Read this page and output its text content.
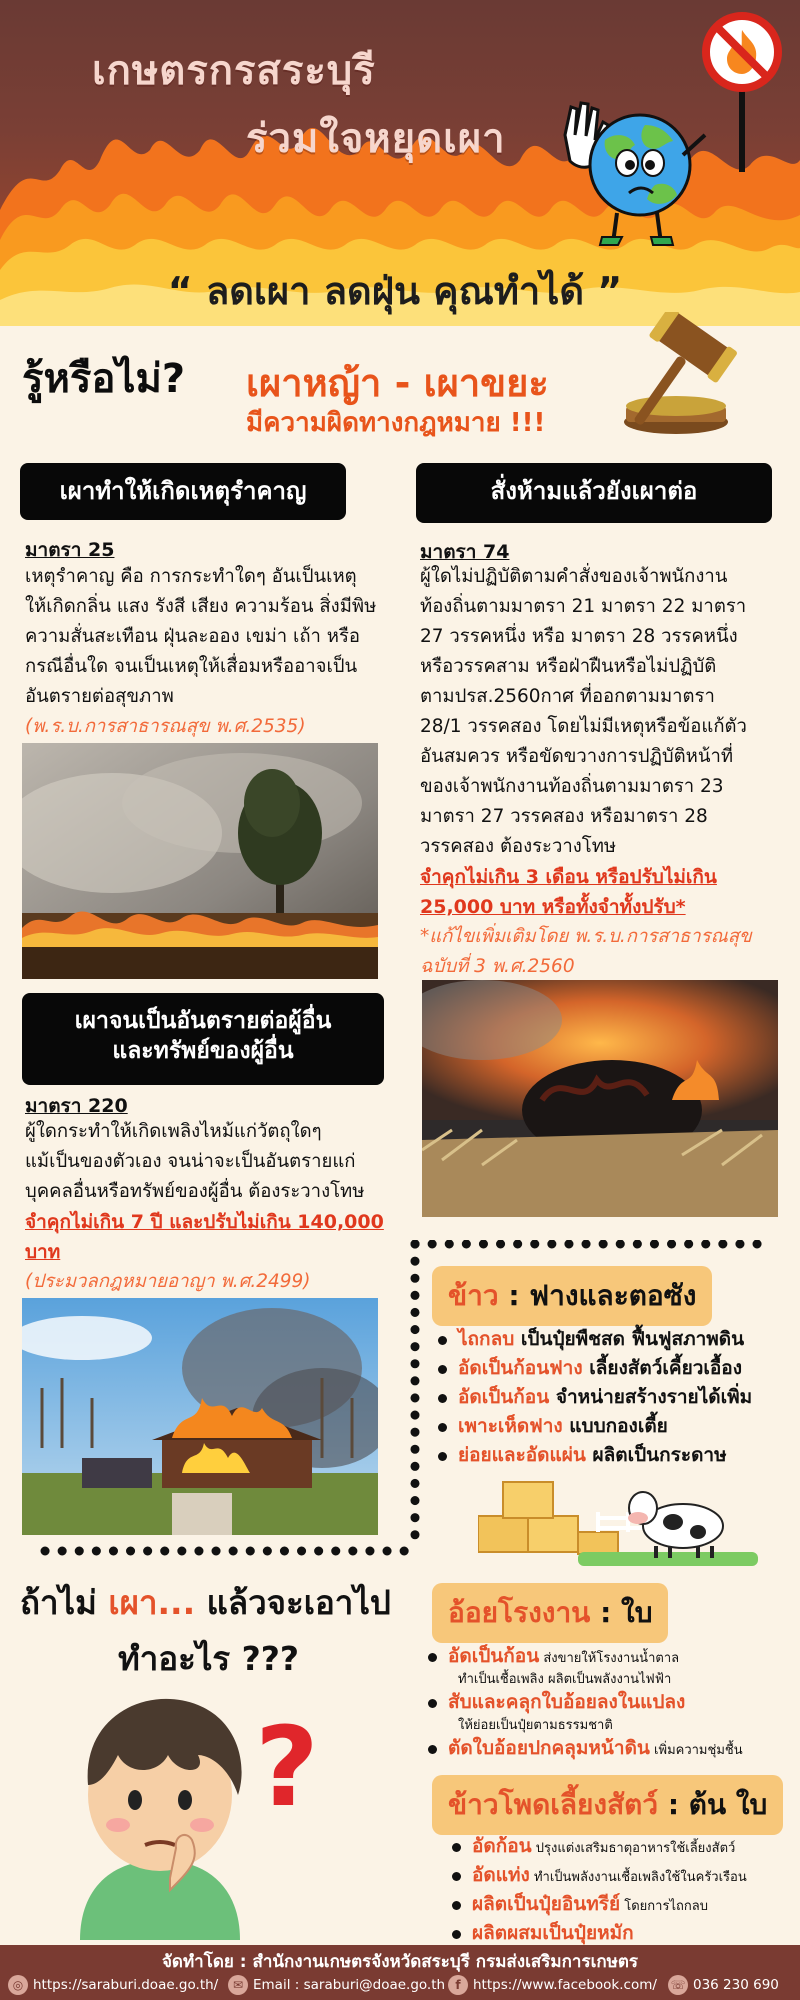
เกษตรกรสระบุรี
ร่วมใจหยุดเผา
“ ลดเผา ลดฝุ่น คุณทำได้ ”
รู้หรือไม่? เผาหญ้า - เผาขยะ
มีความผิดทางกฎหมาย !!!
เผาทำให้เกิดเหตุรำคาญ
มาตรา 25
เหตุรำคาญ คือ การกระทำใดๆ อันเป็นเหตุ
ให้เกิดกลิ่น แสง รังสี เสียง ความร้อน สิ่งมีพิษ
ความสั่นสะเทือน ฝุ่นละออง เขม่า เถ้า หรือ
กรณีอื่นใด จนเป็นเหตุให้เสื่อมหรืออาจเป็น
อันตรายต่อสุขภาพ
(พ.ร.บ.การสาธารณสุข พ.ศ.2535)
เผาจนเป็นอันตรายต่อผู้อื่น
และทรัพย์ของผู้อื่น
มาตรา 220
ผู้ใดกระทำให้เกิดเพลิงไหม้แก่วัตถุใดๆ
แม้เป็นของตัวเอง จนน่าจะเป็นอันตรายแก่
บุคคลอื่นหรือทรัพย์ของผู้อื่น ต้องระวางโทษ
จำคุกไม่เกิน 7 ปี และปรับไม่เกิน 140,000
บาท
(ประมวลกฎหมายอาญา พ.ศ.2499)
สั่งห้ามแล้วยังเผาต่อ
มาตรา 74
ผู้ใดไม่ปฏิบัติตามคำสั่งของเจ้าพนักงาน
ท้องถิ่นตามมาตรา 21 มาตรา 22 มาตรา
27 วรรคหนึ่ง หรือ มาตรา 28 วรรคหนึ่ง
หรือวรรคสาม หรือฝ่าฝืนหรือไม่ปฏิบัติ
ตามปรส.2560กาศ ที่ออกตามมาตรา
28/1 วรรคสอง โดยไม่มีเหตุหรือข้อแก้ตัว
อันสมควร หรือขัดขวางการปฏิบัติหน้าที่
ของเจ้าพนักงานท้องถิ่นตามมาตรา 23
มาตรา 27 วรรคสอง หรือมาตรา 28
วรรคสอง ต้องระวางโทษ
จำคุกไม่เกิน 3 เดือน หรือปรับไม่เกิน
25,000 บาท หรือทั้งจำทั้งปรับ*
*แก้ไขเพิ่มเติมโดย พ.ร.บ.การสาธารณสุข
ฉบับที่ 3 พ.ศ.2560
ข้าว : ฟางและตอซัง
ไถกลบ เป็นปุ๋ยพืชสด ฟื้นฟูสภาพดิน
อัดเป็นก้อนฟาง เลี้ยงสัตว์เคี้ยวเอื้อง
อัดเป็นก้อน จำหน่ายสร้างรายได้เพิ่ม
เพาะเห็ดฟาง แบบกองเตี้ย
ย่อยและอัดแผ่น ผลิตเป็นกระดาษ
ถ้าไม่ เผา... แล้วจะเอาไป
ทำอะไร ???
?
อ้อยโรงงาน : ใบ
อัดเป็นก้อน ส่งขายให้โรงงานน้ำตาล
ทำเป็นเชื้อเพลิง ผลิตเป็นพลังงานไฟฟ้า
สับและคลุกใบอ้อยลงในแปลง
ให้ย่อยเป็นปุ๋ยตามธรรมชาติ
ตัดใบอ้อยปกคลุมหน้าดิน เพิ่มความชุ่มชื้น
ข้าวโพดเลี้ยงสัตว์ : ต้น ใบ
อัดก้อน ปรุงแต่งเสริมธาตุอาหารใช้เลี้ยงสัตว์
อัดแท่ง ทำเป็นพลังงานเชื้อเพลิงใช้ในครัวเรือน
ผลิตเป็นปุ๋ยอินทรีย์ โดยการไถกลบ
ผลิตผสมเป็นปุ๋ยหมัก
จัดทำโดย : สำนักงานเกษตรจังหวัดสระบุรี กรมส่งเสริมการเกษตร
◎ https://saraburi.doae.go.th/	✉ Email : saraburi@doae.go.th f https://www.facebook.com/ ☏ 036 230 690
